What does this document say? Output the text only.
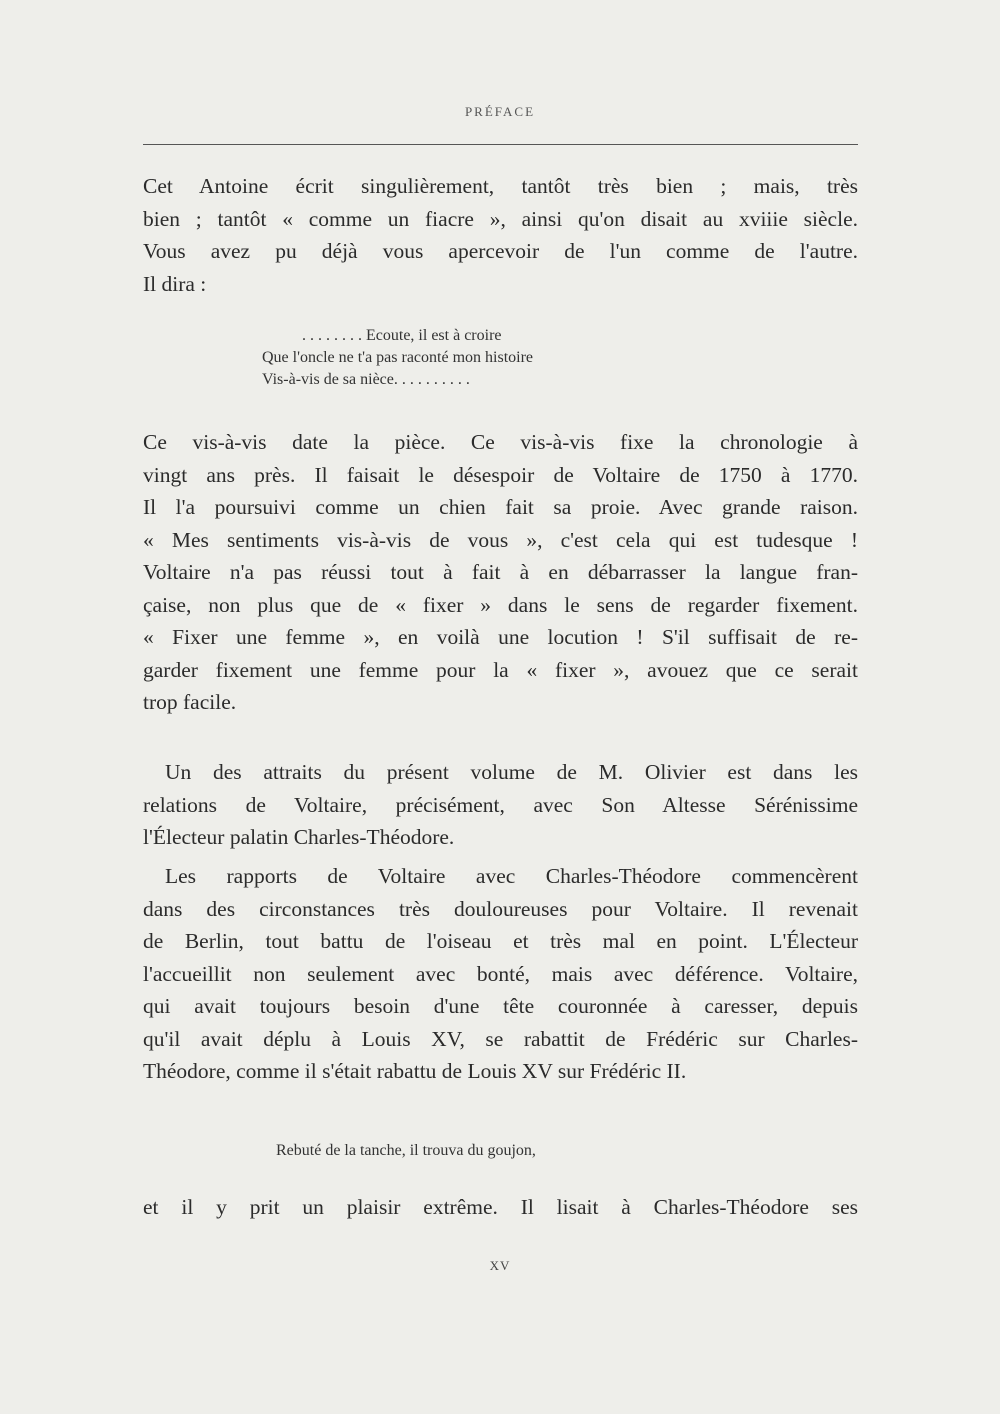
PRÉFACE
Cet Antoine écrit singulièrement, tantôt très bien ; mais, très
bien ; tantôt « comme un fiacre », ainsi qu'on disait au xviiie siècle.
Vous avez pu déjà vous apercevoir de l'un comme de l'autre.
Il dira :
. . . . . . . . Ecoute, il est à croire
Que l'oncle ne t'a pas raconté mon histoire
Vis-à-vis de sa nièce. . . . . . . . . .
Ce vis-à-vis date la pièce. Ce vis-à-vis fixe la chronologie à
vingt ans près. Il faisait le désespoir de Voltaire de 1750 à 1770.
Il l'a poursuivi comme un chien fait sa proie. Avec grande raison.
« Mes sentiments vis-à-vis de vous », c'est cela qui est tudesque !
Voltaire n'a pas réussi tout à fait à en débarrasser la langue fran-
çaise, non plus que de « fixer » dans le sens de regarder fixement.
« Fixer une femme », en voilà une locution ! S'il suffisait de re-
garder fixement une femme pour la « fixer », avouez que ce serait
trop facile.
Un des attraits du présent volume de M. Olivier est dans les
relations de Voltaire, précisément, avec Son Altesse Sérénissime
l'Électeur palatin Charles-Théodore.
Les rapports de Voltaire avec Charles-Théodore commencèrent
dans des circonstances très douloureuses pour Voltaire. Il revenait
de Berlin, tout battu de l'oiseau et très mal en point. L'Électeur
l'accueillit non seulement avec bonté, mais avec déférence. Voltaire,
qui avait toujours besoin d'une tête couronnée à caresser, depuis
qu'il avait déplu à Louis XV, se rabattit de Frédéric sur Charles-
Théodore, comme il s'était rabattu de Louis XV sur Frédéric II.
Rebuté de la tanche, il trouva du goujon,
et il y prit un plaisir extrême. Il lisait à Charles-Théodore ses
XV
